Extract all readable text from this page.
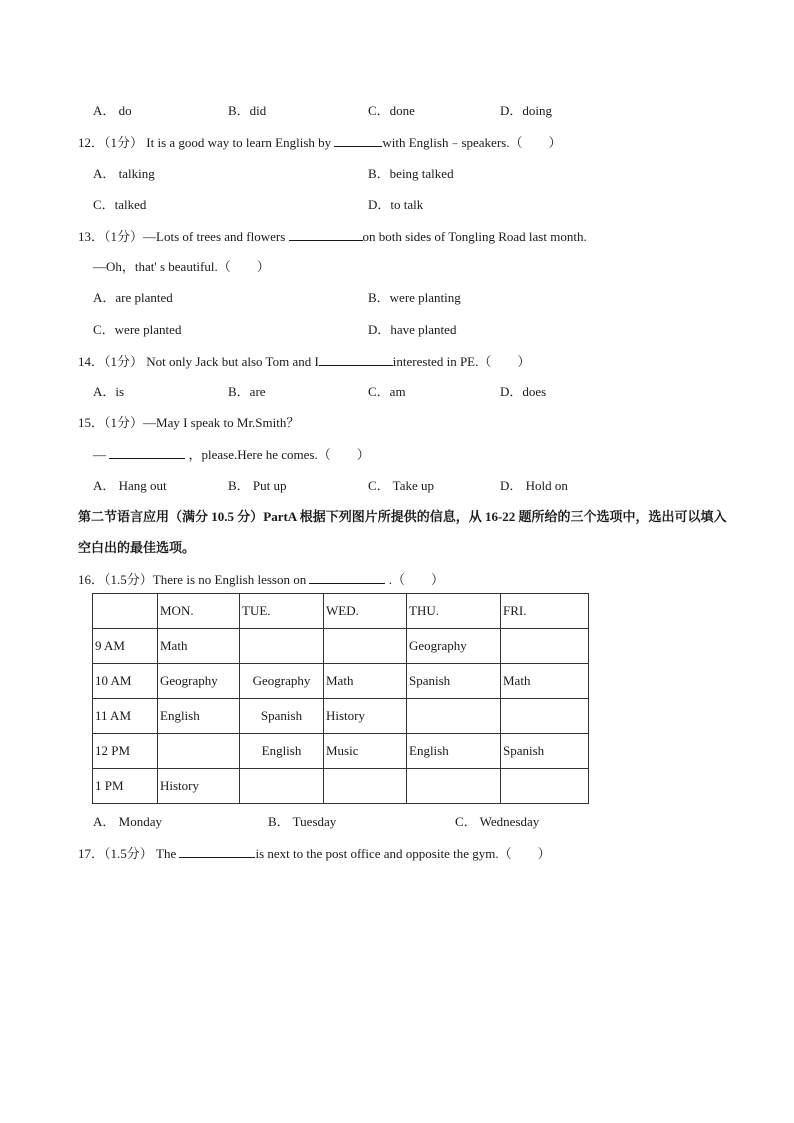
A． do	B．did	C．done	D．doing
12．（1分） It is a good way to learn English by	with English﹣speakers.（　　）
A． talking	B．being talked
C．talked	D．to talk
13．（1分）—Lots of trees and flowers	on both sides of Tongling Road last month.
—Oh，that' s beautiful.（　　）
A．are planted	B．were planting
C．were planted	D．have planted
14．（1分） Not only Jack but also Tom and I	interested in PE.（　　）
A．is	B．are	C．am	D．does
15．（1分）—May I speak to Mr.Smith？
—	，please.Here he comes.（　　）
A． Hang out	B． Put up	C． Take up	D． Hold on
第二节语言应用（满分 10.5 分）PartA 根据下列图片所提供的信息，从 16-22 题所给的三个选项中，选出可以填入空白出的最佳选项。
16．（1.5分）There is no English lesson on	.（　　）
	MON.	TUE.	WED.	THU.	FRI.
9 AM	Math			Geography	
10 AM	Geography	Geography	Math	Spanish	Math
11 AM	English	Spanish	History		
12 PM		English	Music	English	Spanish
1 PM	History				
A． Monday	B． Tuesday	C． Wednesday
17．（1.5分） The	is next to the post office and opposite the gym.（　　）
